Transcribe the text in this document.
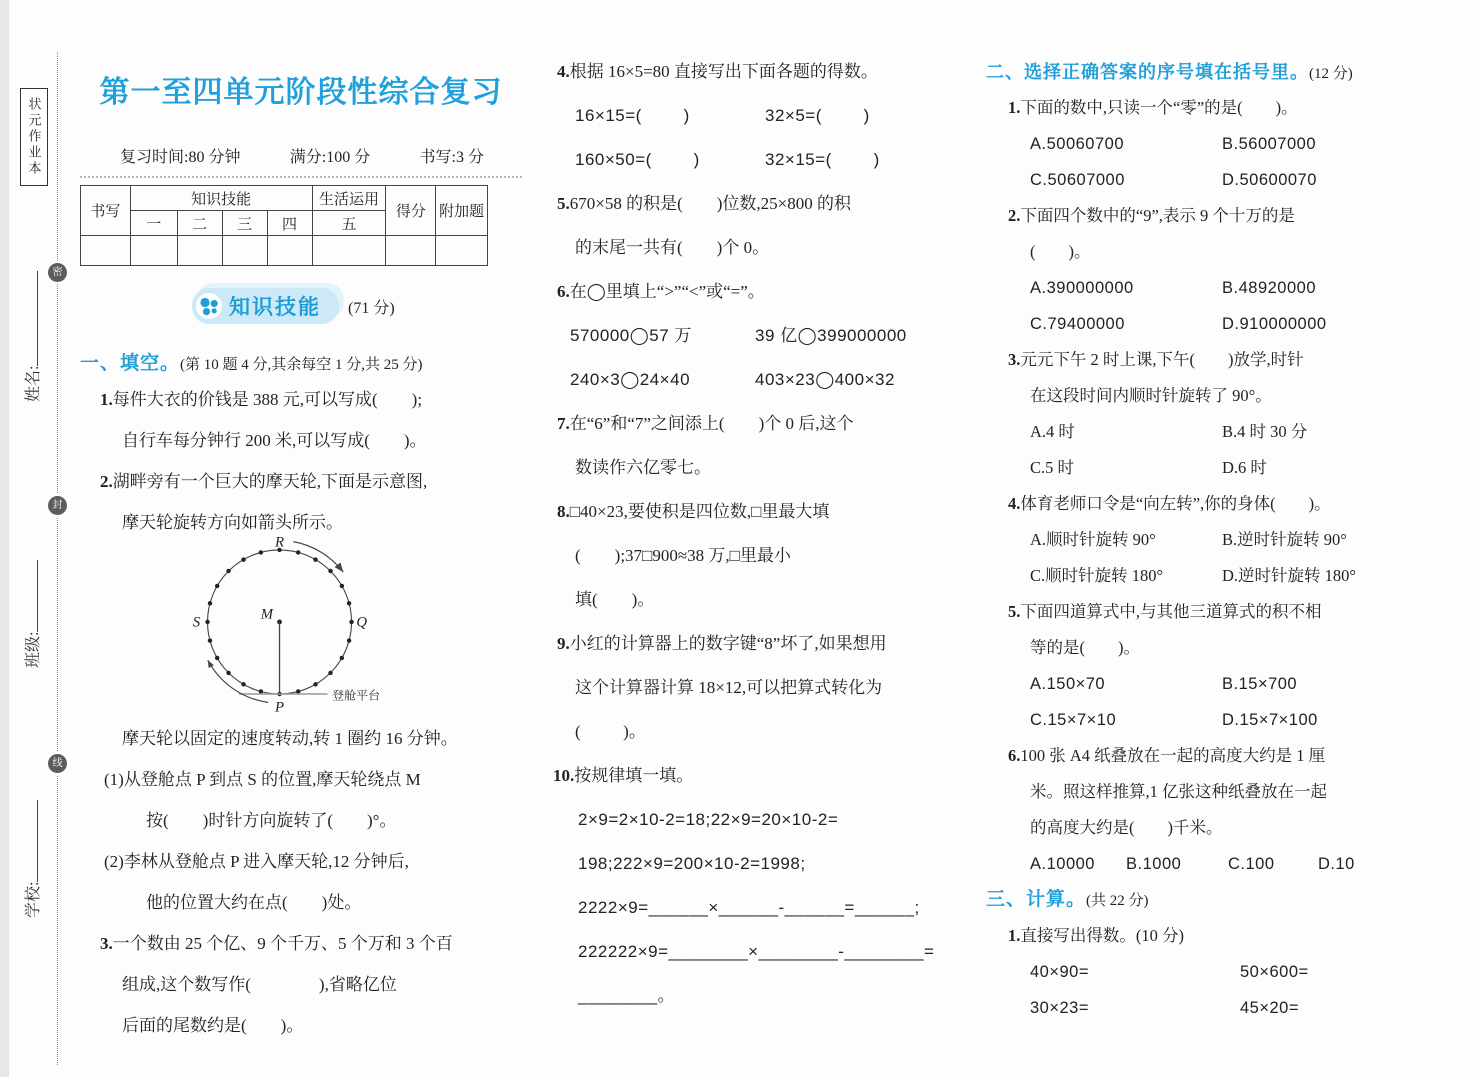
状元作业本
密
封
线
姓名:
班级:
学校:
第一至四单元阶段性综合复习
复习时间:80 分钟	满分:100 分	书写:3 分
书写	知识技能				生活运用	得分	附加题
	一	二	三	四	五		

知识技能 (71 分)
一、填空。(第 10 题 4 分,其余每空 1 分,共 25 分)
1.每件大衣的价钱是 388 元,可以写成(        );
自行车每分钟行 200 米,可以写成(        )。
2.湖畔旁有一个巨大的摩天轮,下面是示意图,
摩天轮旋转方向如箭头所示。
R
S	Q
M
P
登舱平台
摩天轮以固定的速度转动,转 1 圈约 16 分钟。
(1)从登舱点 P 到点 S 的位置,摩天轮绕点 M
按(        )时针方向旋转了(        )°。
(2)李林从登舱点 P 进入摩天轮,12 分钟后,
他的位置大约在点(        )处。
3.一个数由 25 个亿、9 个千万、5 个万和 3 个百
组成,这个数写作(                ),省略亿位
后面的尾数约是(        )。
4.根据 16×5=80 直接写出下面各题的得数。
16×15=(        )	32×5=(        )
160×50=(        )	32×15=(        )
5.670×58 的积是(        )位数,25×800 的积
的末尾一共有(        )个 0。
6.在◯里填上“>”“<”或“=”。
570000◯57 万	39 亿◯399000000
240×3◯24×40	403×23◯400×32
7.在“6”和“7”之间添上(        )个 0 后,这个
数读作六亿零七。
8.□40×23,要使积是四位数,□里最大填
(        );37□900≈38 万,□里最小
填(        )。
9.小红的计算器上的数字键“8”坏了,如果想用
这个计算器计算 18×12,可以把算式转化为
(          )。
10.按规律填一填。
2×9=2×10-2=18;22×9=20×10-2=
198;222×9=200×10-2=1998;
2222×9=______×______-______=______;
222222×9=________×________-________=
________。
二、选择正确答案的序号填在括号里。(12 分)
1.下面的数中,只读一个“零”的是(        )。
A.50060700	B.56007000
C.50607000	D.50600070
2.下面四个数中的“9”,表示 9 个十万的是
(        )。
A.390000000	B.48920000
C.79400000	D.910000000
3.元元下午 2 时上课,下午(        )放学,时针
在这段时间内顺时针旋转了 90°。
A.4 时	B.4 时 30 分
C.5 时	D.6 时
4.体育老师口令是“向左转”,你的身体(        )。
A.顺时针旋转 90°	B.逆时针旋转 90°
C.顺时针旋转 180°	D.逆时针旋转 180°
5.下面四道算式中,与其他三道算式的积不相
等的是(        )。
A.150×70	B.15×700
C.15×7×10	D.15×7×100
6.100 张 A4 纸叠放在一起的高度大约是 1 厘
米。照这样推算,1 亿张这种纸叠放在一起
的高度大约是(        )千米。
A.10000 B.1000	C.100	D.10
三、计算。(共 22 分)
1.直接写出得数。(10 分)
40×90=	50×600=
30×23=	45×20=
